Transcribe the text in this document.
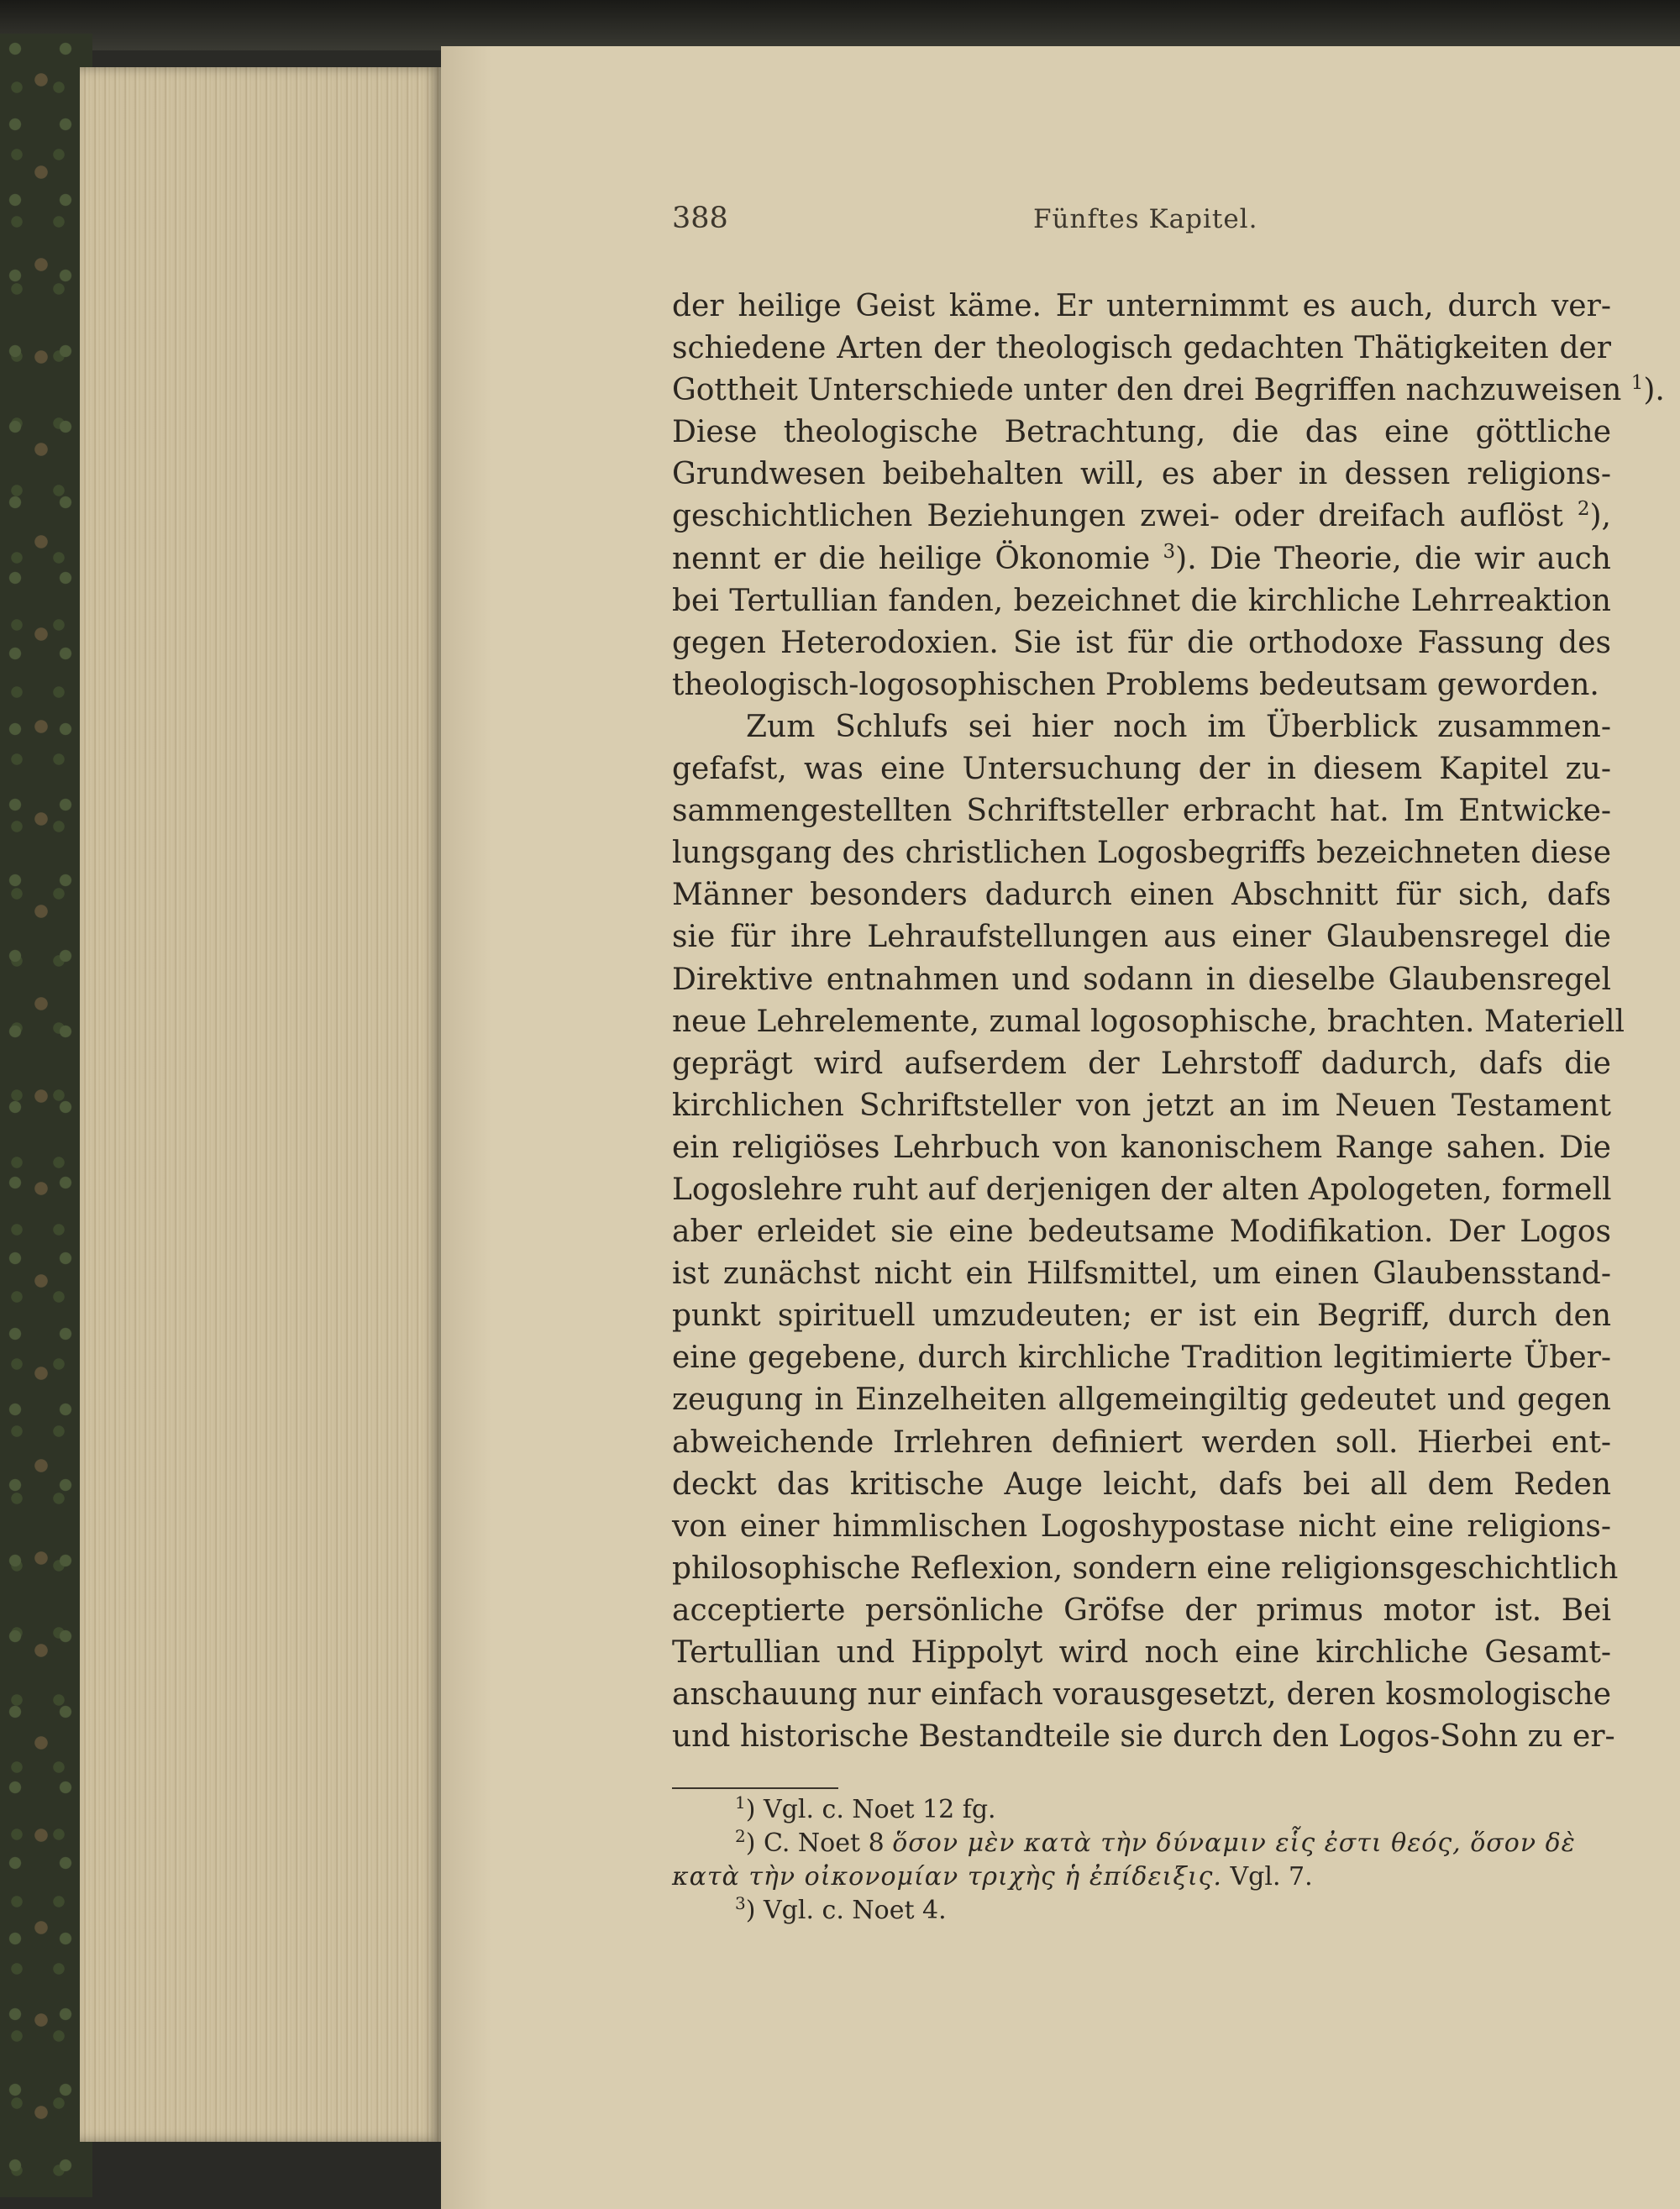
388	Fünftes Kapitel.
der heilige Geist käme. Er unternimmt es auch, durch ver-
schiedene Arten der theologisch gedachten Thätigkeiten der
Gottheit Unterschiede unter den drei Begriffen nachzuweisen $^1$).
Diese theologische Betrachtung, die das eine göttliche
Grundwesen beibehalten will, es aber in dessen religions-
geschichtlichen Beziehungen zwei- oder dreifach auflöst $^2$),
nennt er die heilige Ökonomie $^3$). Die Theorie, die wir auch
bei Tertullian fanden, bezeichnet die kirchliche Lehrreaktion
gegen Heterodoxien. Sie ist für die orthodoxe Fassung des
theologisch-logosophischen Problems bedeutsam geworden.
Zum Schlufs sei hier noch im Überblick zusammen-
gefafst, was eine Untersuchung der in diesem Kapitel zu-
sammengestellten Schriftsteller erbracht hat. Im Entwicke-
lungsgang des christlichen Logosbegriffs bezeichneten diese
Männer besonders dadurch einen Abschnitt für sich, dafs
sie für ihre Lehraufstellungen aus einer Glaubensregel die
Direktive entnahmen und sodann in dieselbe Glaubensregel
neue Lehrelemente, zumal logosophische, brachten. Materiell
geprägt wird aufserdem der Lehrstoff dadurch, dafs die
kirchlichen Schriftsteller von jetzt an im Neuen Testament
ein religiöses Lehrbuch von kanonischem Range sahen. Die
Logoslehre ruht auf derjenigen der alten Apologeten, formell
aber erleidet sie eine bedeutsame Modifikation. Der Logos
ist zunächst nicht ein Hilfsmittel, um einen Glaubensstand-
punkt spirituell umzudeuten; er ist ein Begriff, durch den
eine gegebene, durch kirchliche Tradition legitimierte Über-
zeugung in Einzelheiten allgemeingiltig gedeutet und gegen
abweichende Irrlehren definiert werden soll. Hierbei ent-
deckt das kritische Auge leicht, dafs bei all dem Reden
von einer himmlischen Logoshypostase nicht eine religions-
philosophische Reflexion, sondern eine religionsgeschichtlich
acceptierte persönliche Gröfse der primus motor ist. Bei
Tertullian und Hippolyt wird noch eine kirchliche Gesamt-
anschauung nur einfach vorausgesetzt, deren kosmologische
und historische Bestandteile sie durch den Logos-Sohn zu er-
$^1$) Vgl. c. Noet 12 fg.
$^2$) C. Noet 8 ὅσον μὲν κατὰ τὴν δύναμιν εἷς ἐστι θεός, ὅσον δὲ
κατὰ τὴν οἰκονομίαν τριχὴς ἡ ἐπίδειξις. Vgl. 7.
$^3$) Vgl. c. Noet 4.
